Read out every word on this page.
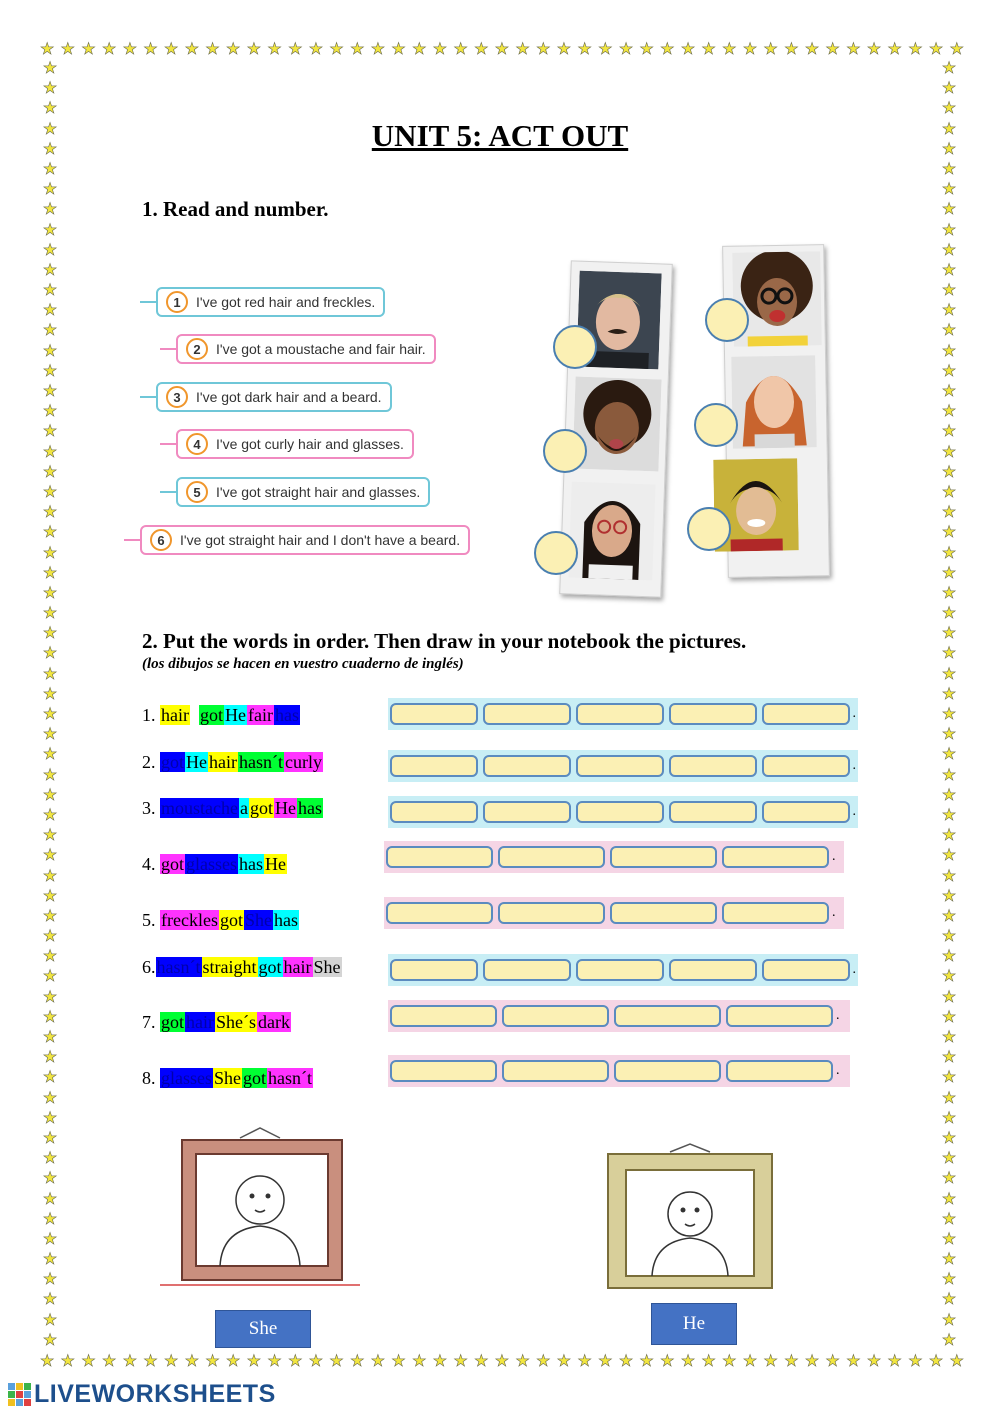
★ ★ ★ ★ ★ ★ ★ ★ ★ ★ ★ ★ ★ ★ ★ ★ ★ ★ ★ ★ ★ ★ ★ ★ ★ ★ ★ ★ ★ ★ ★ ★ ★ ★ ★ ★ ★ ★ ★ ★ ★ ★ ★ ★ ★
★ ★ ★ ★ ★ ★ ★ ★ ★ ★ ★ ★ ★ ★ ★ ★ ★ ★ ★ ★ ★ ★ ★ ★ ★ ★ ★ ★ ★ ★ ★ ★ ★ ★ ★ ★ ★ ★ ★ ★ ★ ★ ★ ★ ★
★
★
★
★
★
★
★
★
★
★
★
★
★
★
★
★
★
★
★
★
★
★
★
★
★
★
★
★
★
★
★
★
★
★
★
★
★
★
★
★
★
★
★
★
★
★
★
★
★
★
★
★
★
★
★
★
★
★
★
★
★
★
★
★
★
★
★
★
★
★
★
★
★
★
★
★
★
★
★
★
★
★
★
★
★
★
★
★
★
★
★
★
★
★
★
★
★
★
★
★
★
★
★
★
★
★
★
★
★
★
★
★
★
★
★
★
★
★
★
★
★
★
★
★
★
★
★
★
UNIT 5: ACT OUT
1. Read and number.
1	I've got red hair and freckles.
2	I've got a moustache and fair hair.
3	I've got dark hair and a beard.
4	I've got curly hair and glasses.
5	I've got straight hair and glasses.
6	I've got straight hair and I don't have a beard.
2. Put the words in order. Then draw in your notebook the pictures.
(los dibujos se hacen en vuestro cuaderno de inglés)
1. hair got He fair has
2. got He hair hasn´t curly
3. moustache a got He has
4. got glasses has He
5. freckles got She has
6.hasn´t straight got hair She
7. got hair She´s dark
8. glasses She got hasn´t
.
.
.
.
.
.
.
.
She	He
LIVEWORKSHEETS
